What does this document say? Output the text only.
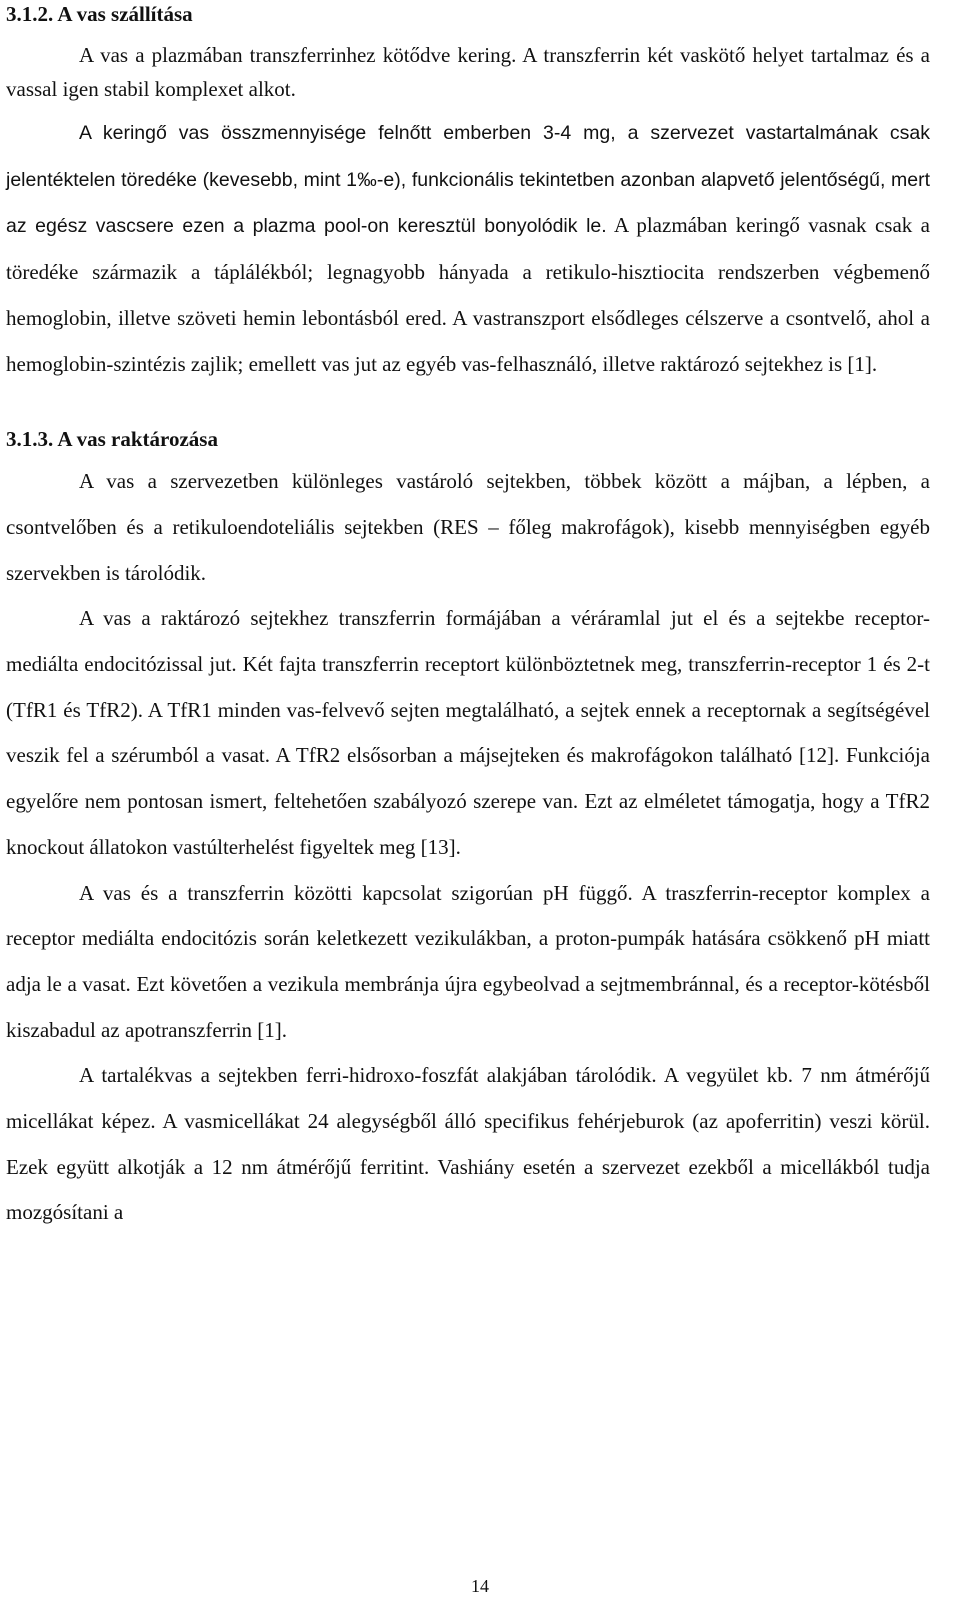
3.1.2. A vas szállítása

A vas a plazmában transzferrinhez kötődve kering. A transzferrin két vaskötő helyet tartalmaz és a vassal igen stabil komplexet alkot.

A keringő vas összmennyisége felnőtt emberben 3-4 mg, a szervezet vastartalmának csak jelentéktelen töredéke (kevesebb, mint 1‰-e), funkcionális tekintetben azonban alapvető jelentőségű, mert az egész vascsere ezen a plazma pool-on keresztül bonyolódik le. A plazmában keringő vasnak csak a töredéke származik a táplálékból; legnagyobb hányada a retikulo-hisztiocita rendszerben végbemenő hemoglobin, illetve szöveti hemin lebontásból ered. A vastranszport elsődleges célszerve a csontvelő, ahol a hemoglobin-szintézis zajlik; emellett vas jut az egyéb vas-felhasználó, illetve raktározó sejtekhez is [1].

3.1.3. A vas raktározása

A vas a szervezetben különleges vastároló sejtekben, többek között a májban, a lépben, a csontvelőben és a retikuloendoteliális sejtekben (RES – főleg makrofágok), kisebb mennyiségben egyéb szervekben is tárolódik.

A vas a raktározó sejtekhez transzferrin formájában a véráramlal jut el és a sejtekbe receptor-mediálta endocitózissal jut. Két fajta transzferrin receptort különböztetnek meg, transzferrin-receptor 1 és 2-t (TfR1 és TfR2). A TfR1 minden vas-felvevő sejten megtalálható, a sejtek ennek a receptornak a segítségével veszik fel a szérumból a vasat. A TfR2 elsősorban a májsejteken és makrofágokon található [12]. Funkciója egyelőre nem pontosan ismert, feltehetően szabályozó szerepe van. Ezt az elméletet támogatja, hogy a TfR2 knockout állatokon vastúlterhelést figyeltek meg [13].

A vas és a transzferrin közötti kapcsolat szigorúan pH függő. A traszferrin-receptor komplex a receptor mediálta endocitózis során keletkezett vezikulákban, a proton-pumpák hatására csökkenő pH miatt adja le a vasat. Ezt követően a vezikula membránja újra egybeolvad a sejtmembránnal, és a receptor-kötésből kiszabadul az apotranszferrin [1].

A tartalékvas a sejtekben ferri-hidroxo-foszfát alakjában tárolódik. A vegyület kb. 7 nm átmérőjű micellákat képez. A vasmicellákat 24 alegységből álló specifikus fehérjeburok (az apoferritin) veszi körül. Ezek együtt alkotják a 12 nm átmérőjű ferritint. Vashiány esetén a szervezet ezekből a micellákból tudja mozgósítani a

14
